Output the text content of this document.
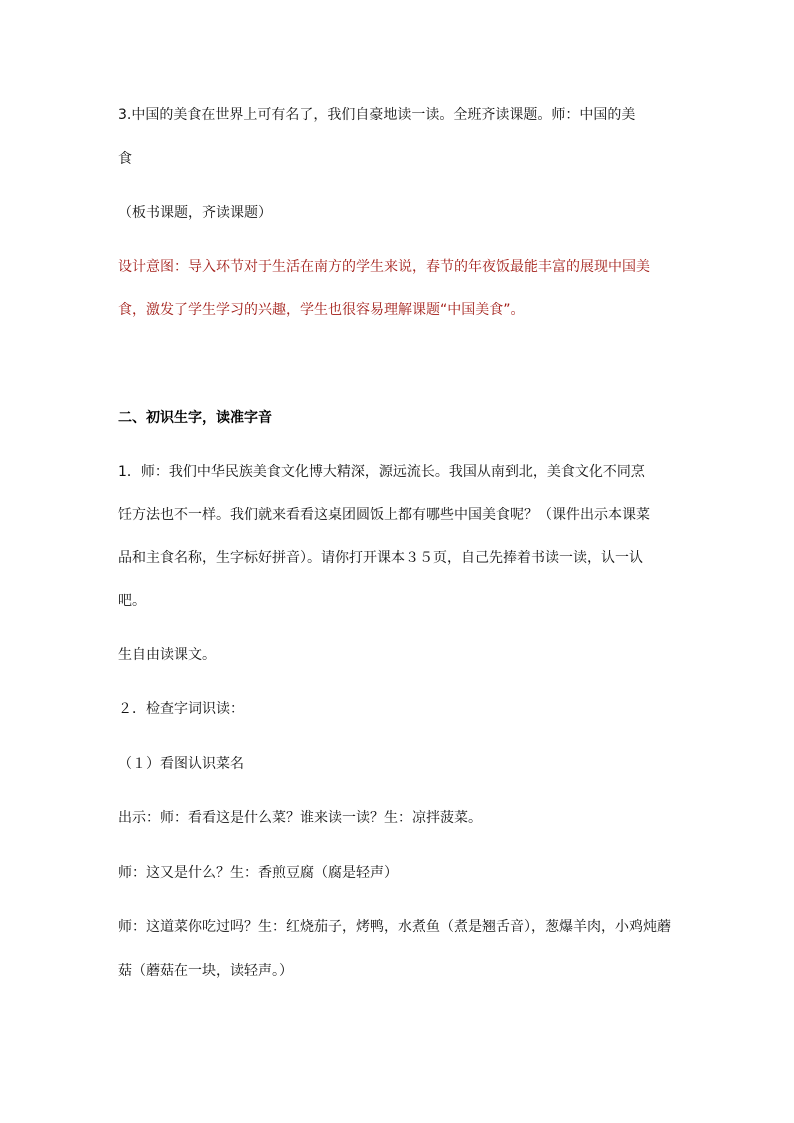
3.中国的美食在世界上可有名了，我们自豪地读一读。全班齐读课题。师：中国的美
食
（板书课题，齐读课题）
设计意图：导入环节对于生活在南方的学生来说，春节的年夜饭最能丰富的展现中国美
食，激发了学生学习的兴趣，学生也很容易理解课题“中国美食”。
二、初识生字，读准字音
1．师：我们中华民族美食文化博大精深，源远流长。我国从南到北，美食文化不同烹
饪方法也不一样。我们就来看看这桌团圆饭上都有哪些中国美食呢？（课件出示本课菜
品和主食名称，生字标好拼音）。请你打开课本３５页，自己先捧着书读一读，认一认
吧。
生自由读课文。
２．检查字词识读：
（１）看图认识菜名
出示：师：看看这是什么菜？谁来读一读？生：凉拌菠菜。
师：这又是什么？生：香煎豆腐（腐是轻声）
师：这道菜你吃过吗？生：红烧茄子，烤鸭，水煮鱼（煮是翘舌音），葱爆羊肉，小鸡炖蘑
菇（蘑菇在一块，读轻声。）
